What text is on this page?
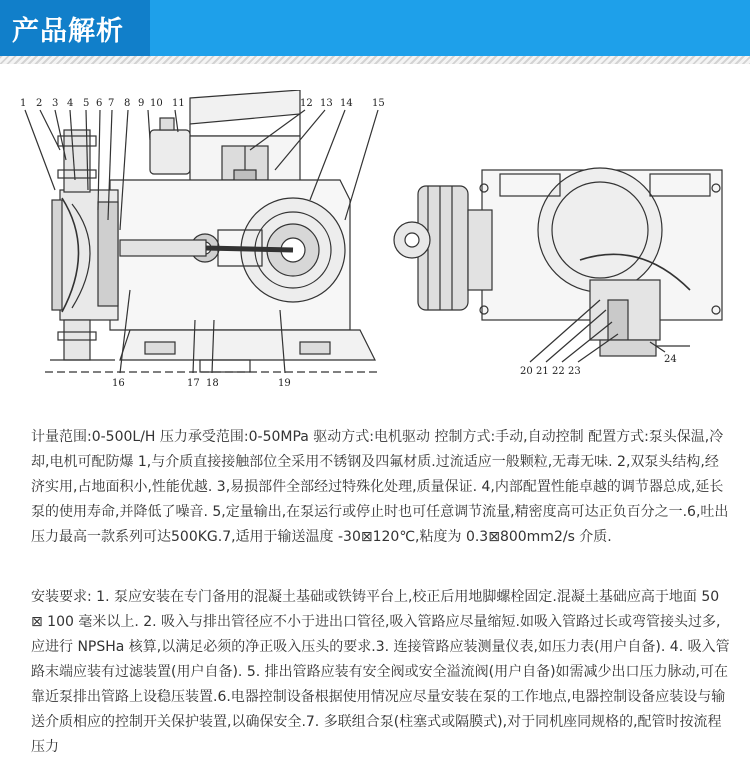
产品解析
1 2 3 4 5 6 7 8 9 10 11	12 13 14 15
16	17 18	19
20 21 22 23
24

计量范围:0-500L/H 压力承受范围:0-50MPa 驱动方式:电机驱动 控制方式:手动,自动控制 配置方式:泵头保温,冷却,电机可配防爆 1,与介质直接接触部位全采用不锈钢及四氟材质.过流适应一般颗粒,无毒无味. 2,双泵头结构,经济实用,占地面积小,性能优越. 3,易损部件全部经过特殊化处理,质量保证. 4,内部配置性能卓越的调节器总成,延长泵的使用寿命,并降低了噪音. 5,定量输出,在泵运行或停止时也可任意调节流量,精密度高可达正负百分之一.6,吐出压力最高一款系列可达500KG.7,适用于输送温度 -30⊠120℃,粘度为 0.3⊠800mm2/s 介质.

安装要求: 1. 泵应安装在专门备用的混凝土基础或铁铸平台上,校正后用地脚螺栓固定.混凝土基础应高于地面 50 ⊠ 100 毫米以上. 2. 吸入与排出管径应不小于进出口管径,吸入管路应尽量缩短.如吸入管路过长或弯管接头过多,应进行 NPSHa 核算,以满足必须的净正吸入压头的要求.3. 连接管路应装测量仪表,如压力表(用户自备). 4. 吸入管路末端应装有过滤装置(用户自备). 5. 排出管路应装有安全阀或安全溢流阀(用户自备)如需减少出口压力脉动,可在靠近泵排出管路上设稳压装置.6.电器控制设备根据使用情况应尽量安装在泵的工作地点,电器控制设备应装设与输送介质相应的控制开关保护装置,以确保安全.7. 多联组合泵(柱塞式或隔膜式),对于同机座同规格的,配管时按流程压力
